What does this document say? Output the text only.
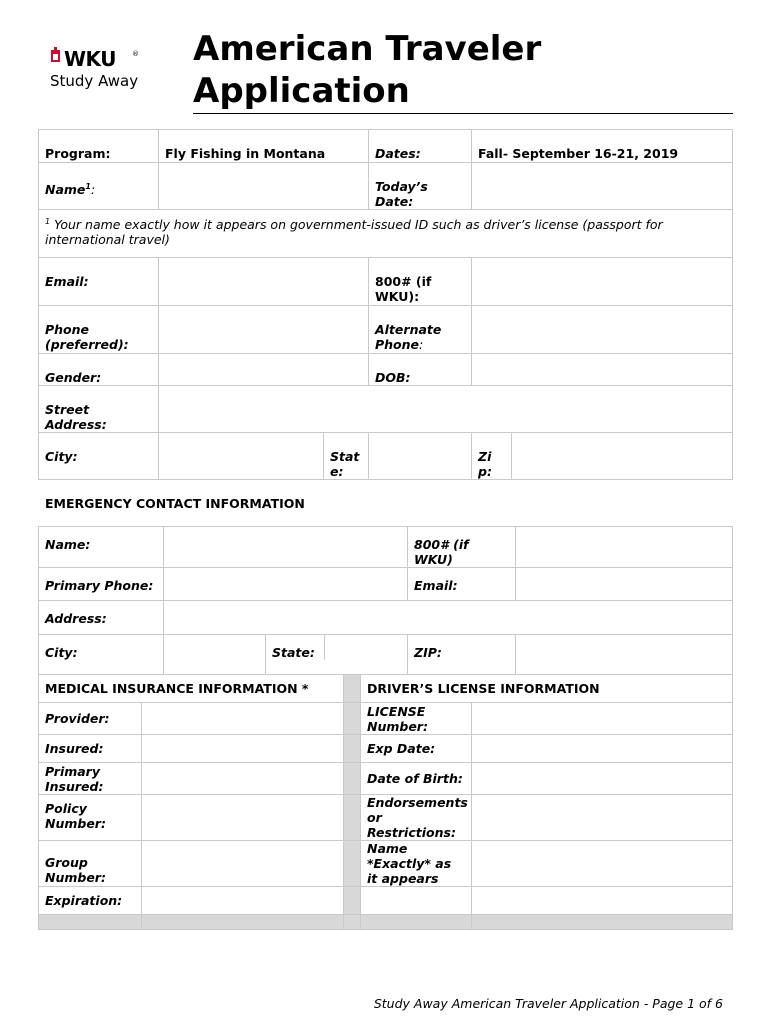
WKU ®
Study Away
American Traveler
Application
Program:	Fly Fishing in Montana		Dates:	Fall- September 16-21, 2019	
Name$^1$:			Today’s Date:		
$^1$ Your name exactly how it appears on government-issued ID such as driver’s license (passport for international travel)					
Email:			800# (if WKU):		
Phone (preferred):			Alternate Phone:		
Gender:			DOB:		
Street Address:					
City:		State:		Zip:	
EMERGENCY CONTACT INFORMATION
Name:			800# (if WKU)	
Primary Phone:			Email:	
Address:				
City:		State:	ZIP:	
MEDICAL INSURANCE INFORMATION *			DRIVER’S LICENSE INFORMATION	
Provider:			LICENSE Number:	
Insured:			Exp Date:	
Primary Insured:			Date of Birth:	
Policy Number:			Endorsements or Restrictions:	
Group Number:			Name *Exactly* as it appears	
Expiration:				

Study Away American Traveler Application - Page 1 of 6
